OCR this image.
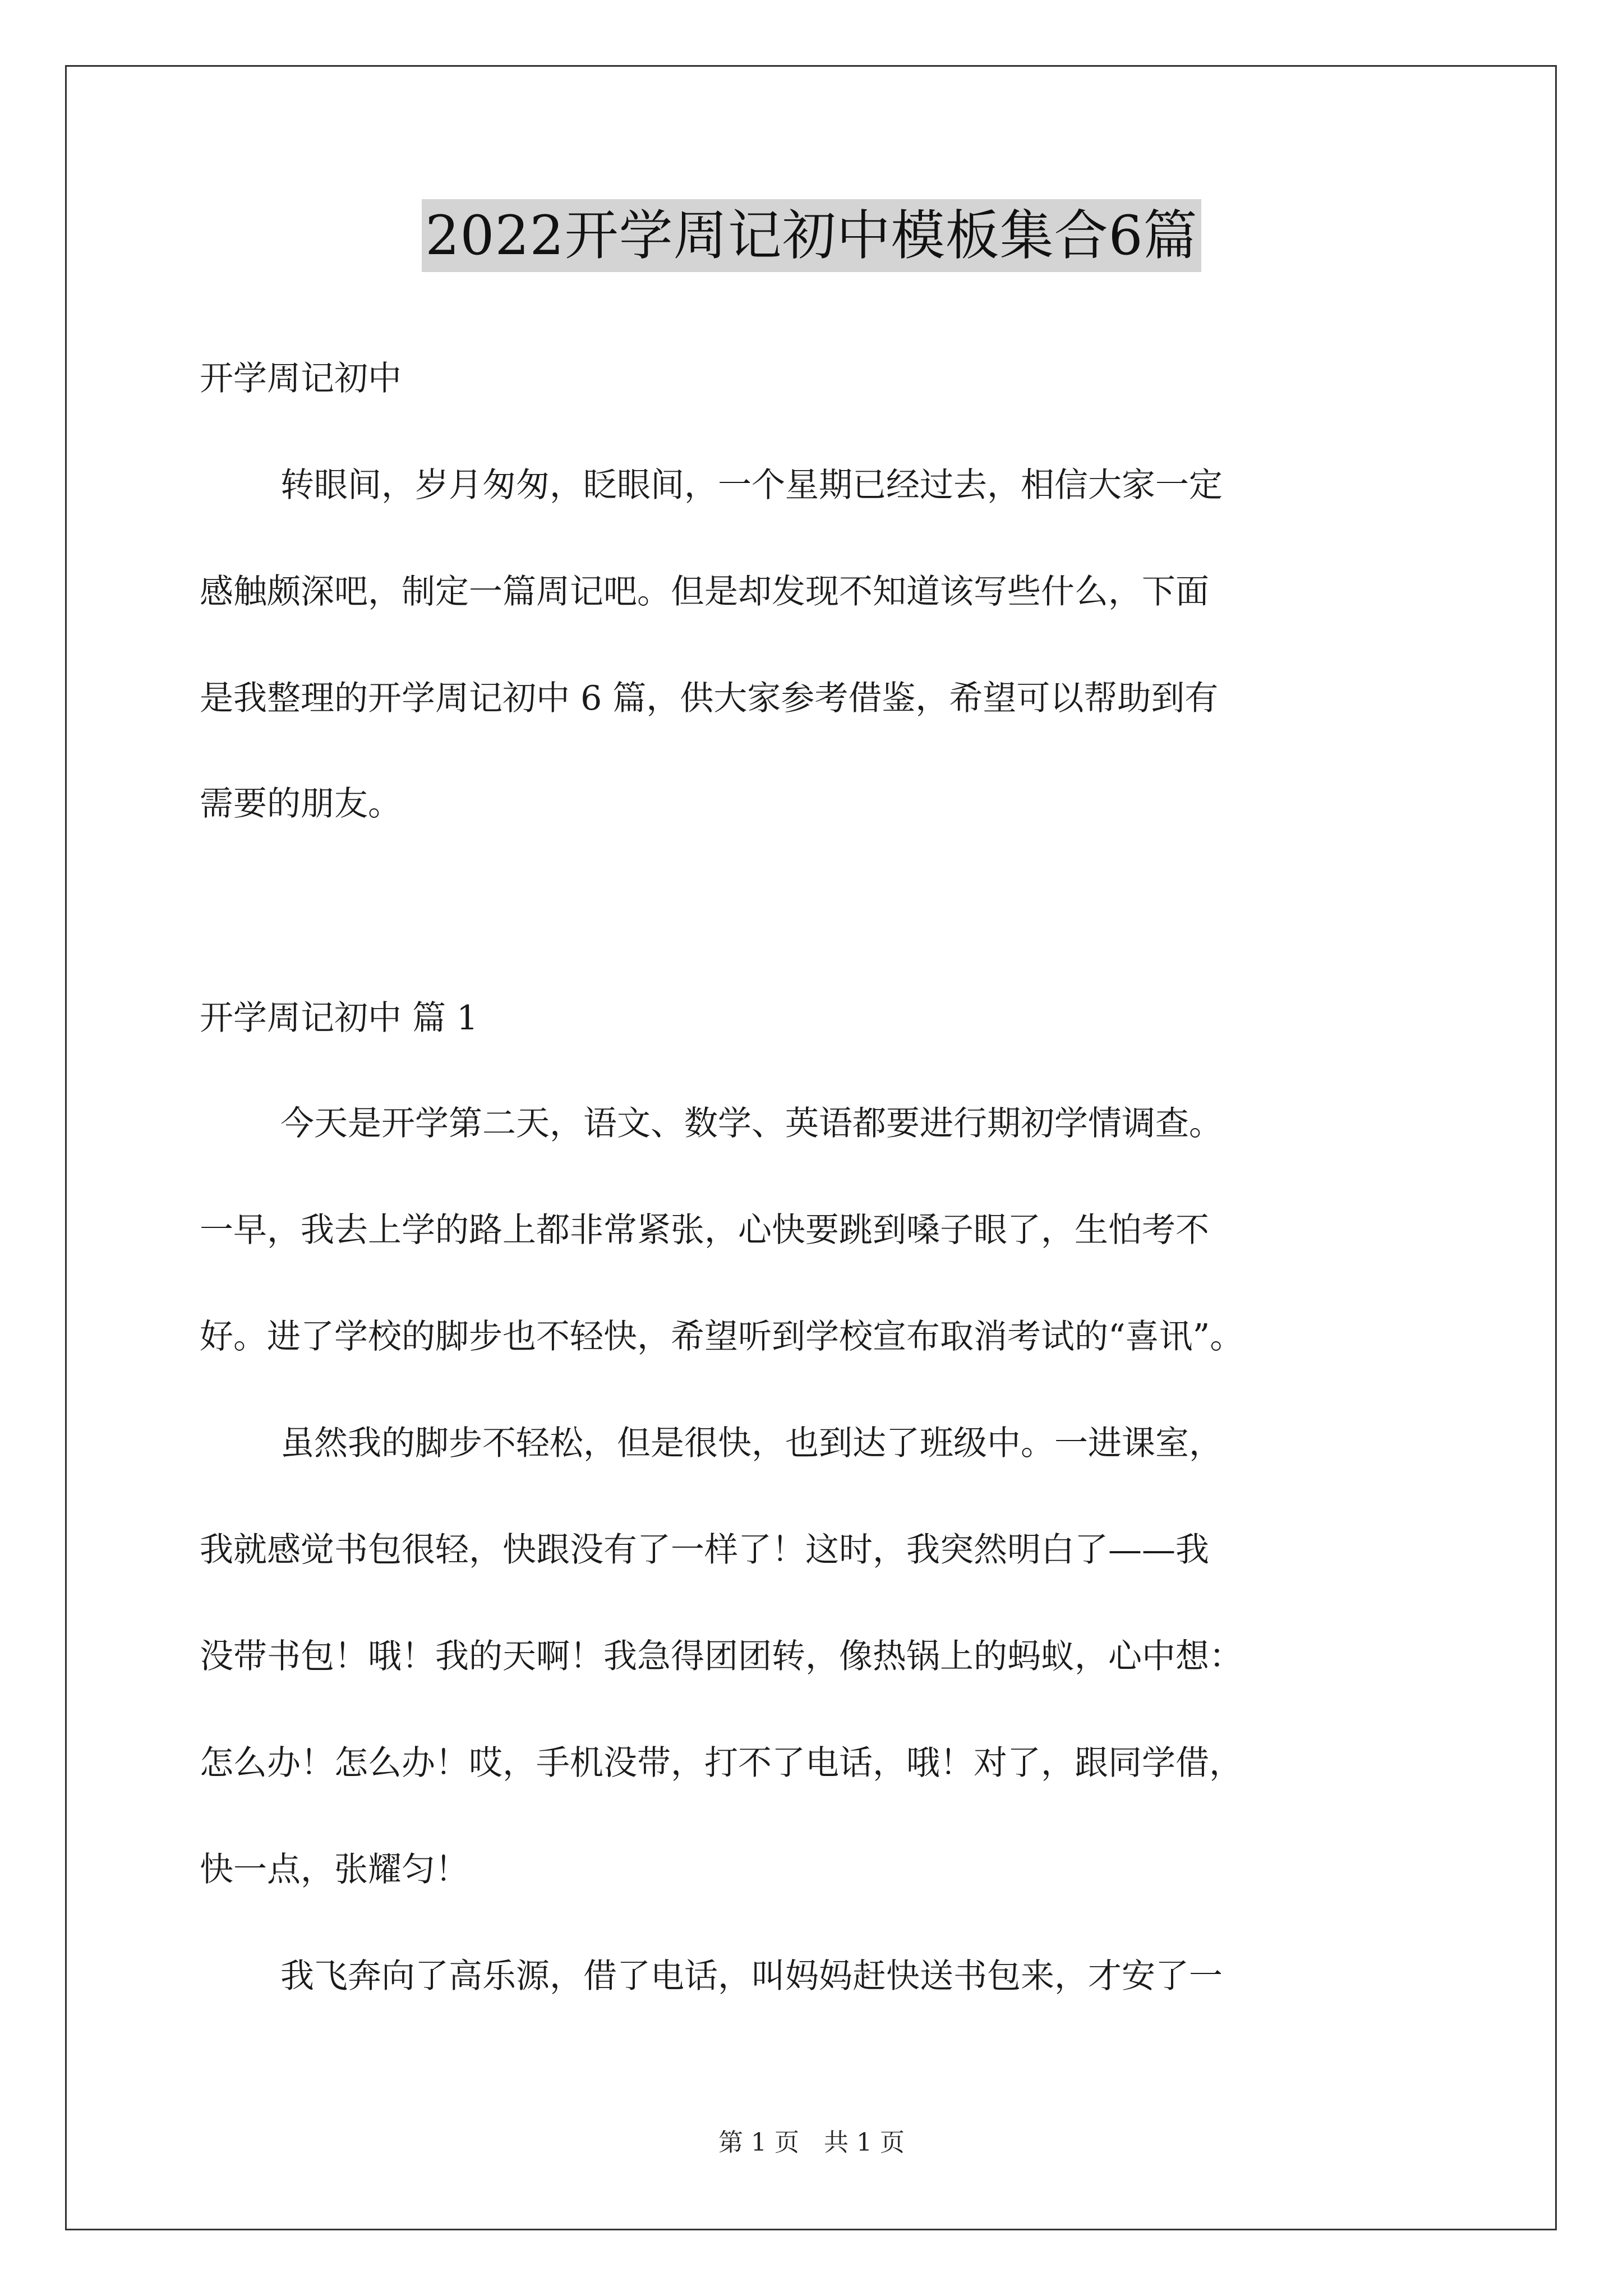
2022开学周记初中模板集合6篇
开学周记初中
转眼间，岁月匆匆，眨眼间，一个星期已经过去，相信大家一定
感触颇深吧，制定一篇周记吧。但是却发现不知道该写些什么，下面
是我整理的开学周记初中 6 篇，供大家参考借鉴，希望可以帮助到有
需要的朋友。
开学周记初中 篇 1
今天是开学第二天，语文、数学、英语都要进行期初学情调查。
一早，我去上学的路上都非常紧张，心快要跳到嗓子眼了，生怕考不
好。进了学校的脚步也不轻快，希望听到学校宣布取消考试的“喜讯”。
虽然我的脚步不轻松，但是很快，也到达了班级中。一进课室，
我就感觉书包很轻，快跟没有了一样了！这时，我突然明白了——我
没带书包！哦！我的天啊！我急得团团转，像热锅上的蚂蚁，心中想：
怎么办！怎么办！哎，手机没带，打不了电话，哦！对了，跟同学借，
快一点，张耀匀！
我飞奔向了高乐源，借了电话，叫妈妈赶快送书包来，才安了一
第 1 页　共 1 页
